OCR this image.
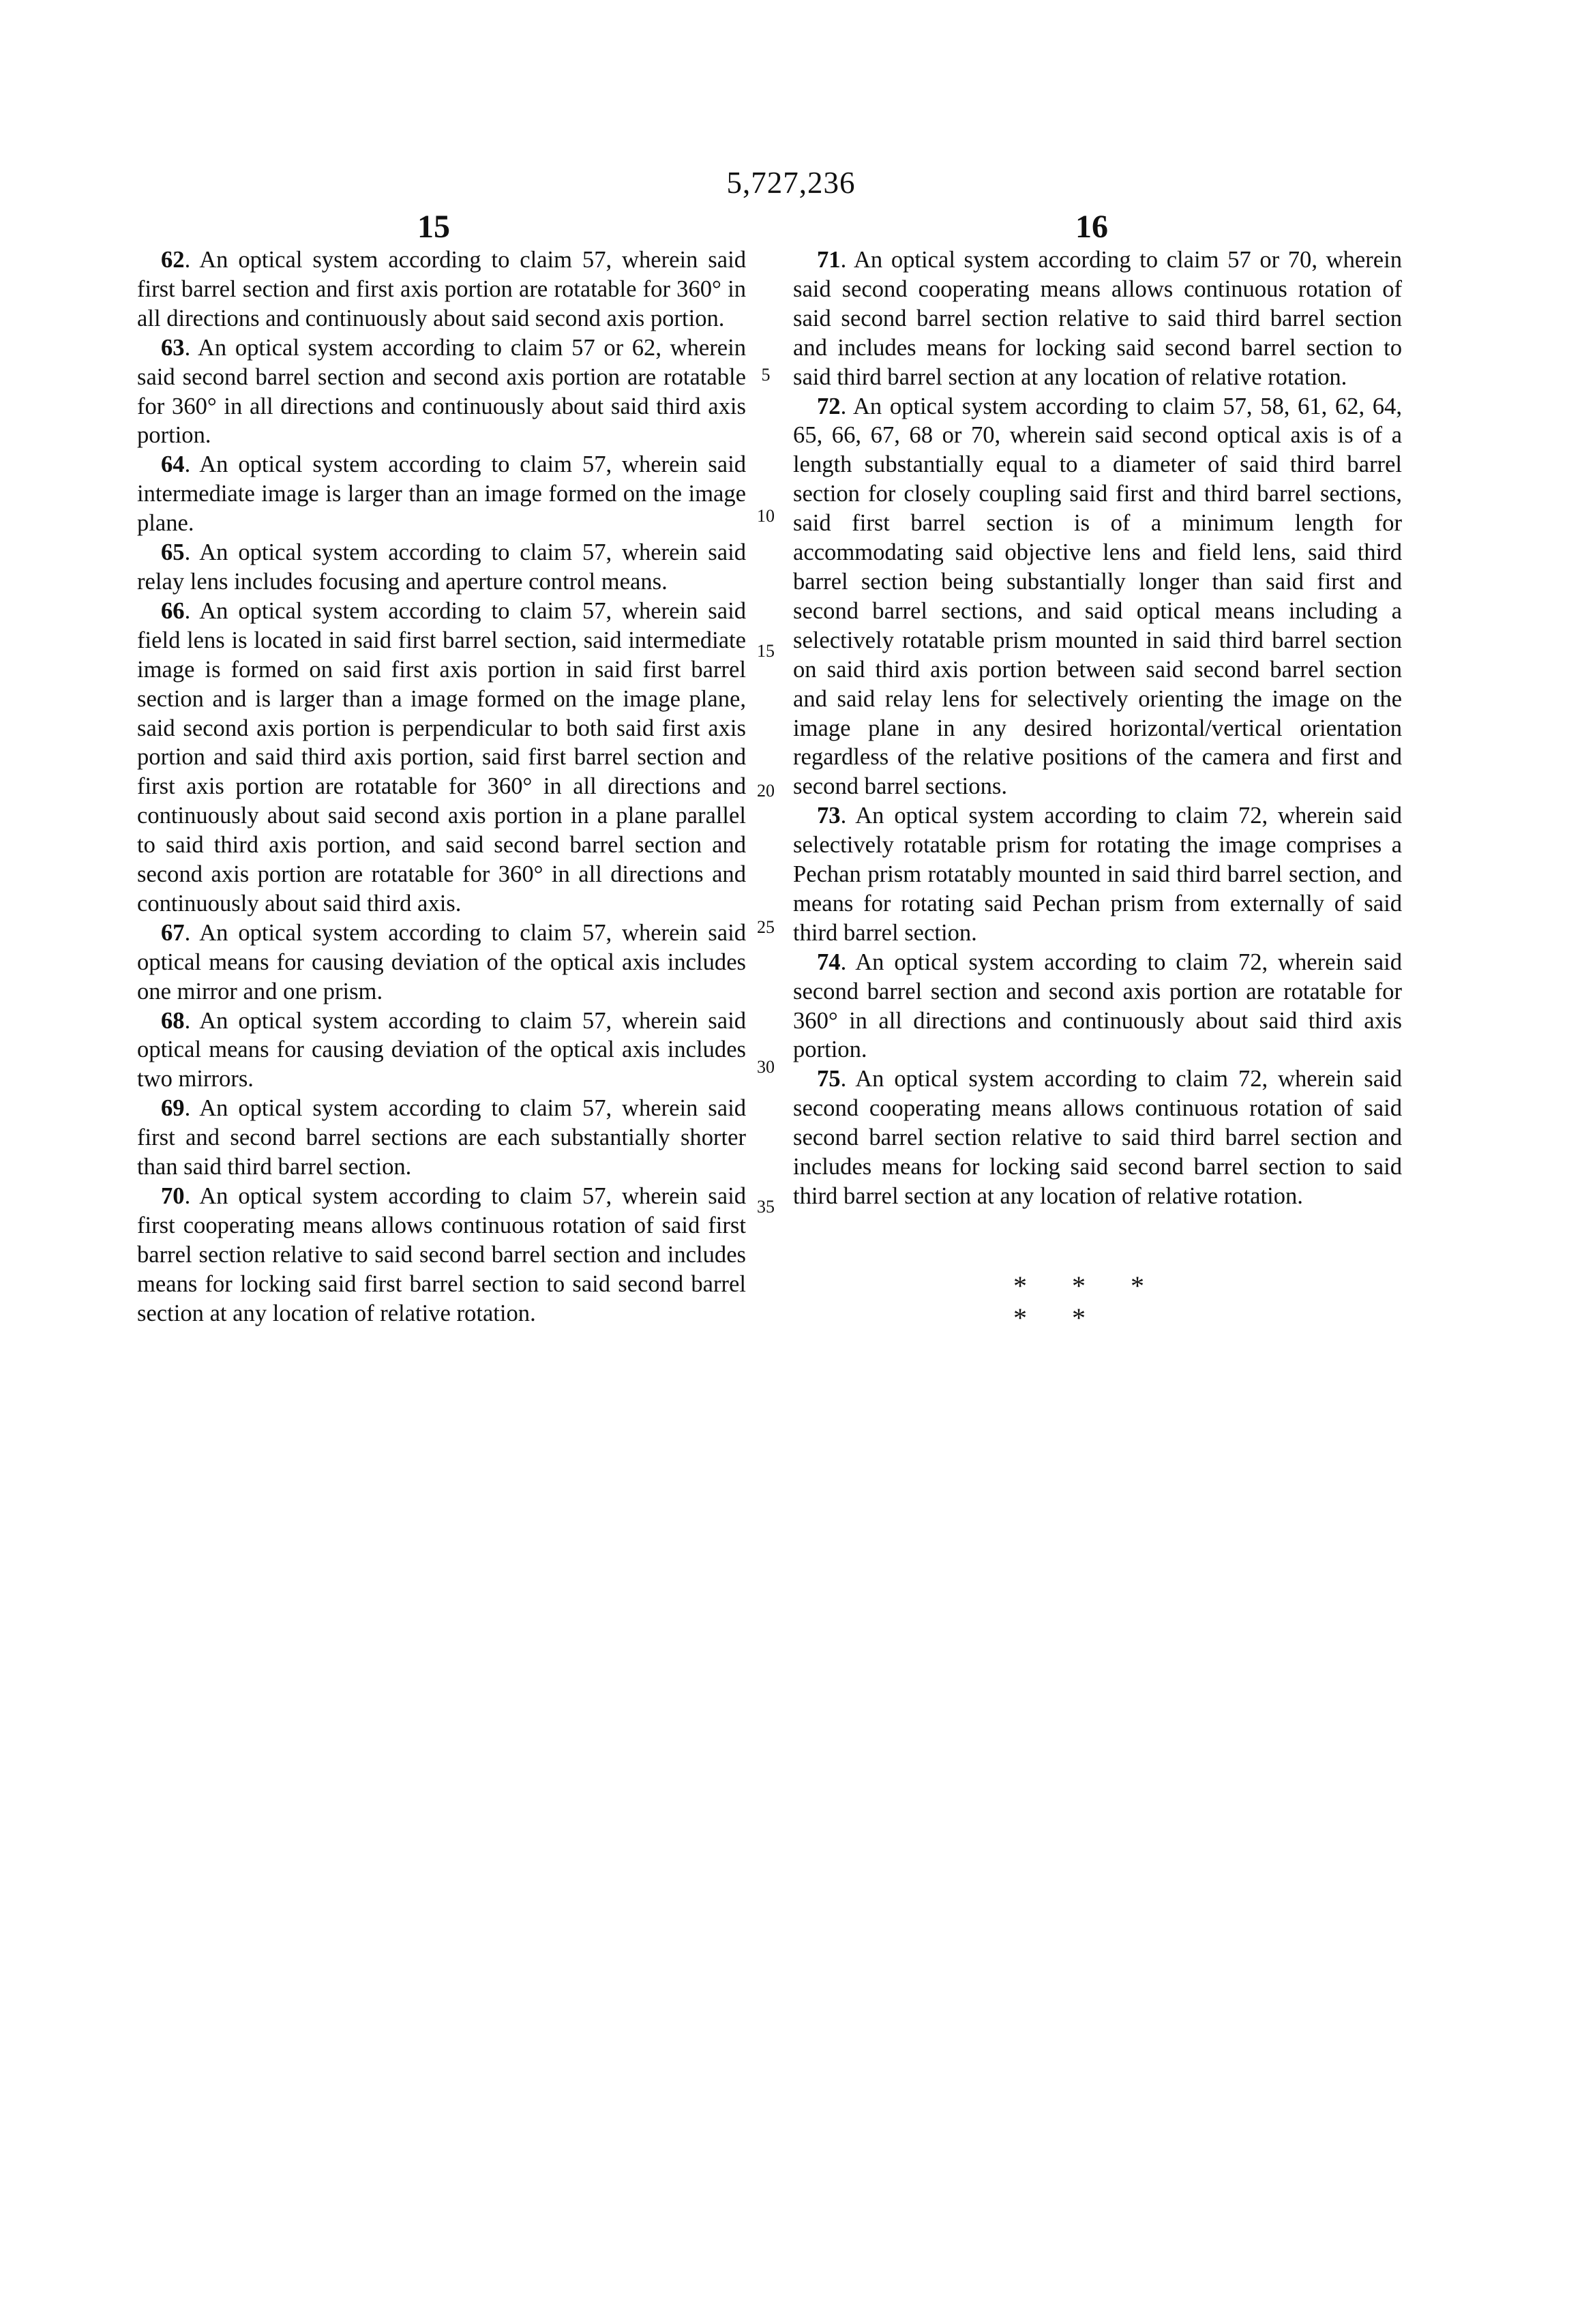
5,727,236
15	16

62. An optical system according to claim 57, wherein said first barrel section and first axis portion are rotatable for 360° in all directions and continuously about said second axis portion.

63. An optical system according to claim 57 or 62, wherein said second barrel section and second axis portion are rotatable for 360° in all directions and continuously about said third axis portion.

64. An optical system according to claim 57, wherein said intermediate image is larger than an image formed on the image plane.

65. An optical system according to claim 57, wherein said relay lens includes focusing and aperture control means.

66. An optical system according to claim 57, wherein said field lens is located in said first barrel section, said intermediate image is formed on said first axis portion in said first barrel section and is larger than a image formed on the image plane, said second axis portion is perpendicular to both said first axis portion and said third axis portion, said first barrel section and first axis portion are rotatable for 360° in all directions and continuously about said second axis portion in a plane parallel to said third axis portion, and said second barrel section and second axis portion are rotatable for 360° in all directions and continuously about said third axis.

67. An optical system according to claim 57, wherein said optical means for causing deviation of the optical axis includes one mirror and one prism.

68. An optical system according to claim 57, wherein said optical means for causing deviation of the optical axis includes two mirrors.

69. An optical system according to claim 57, wherein said first and second barrel sections are each substantially shorter than said third barrel section.

70. An optical system according to claim 57, wherein said first cooperating means allows continuous rotation of said first barrel section relative to said second barrel section and includes means for locking said first barrel section to said second barrel section at any location of relative rotation.

71. An optical system according to claim 57 or 70, wherein said second cooperating means allows continuous rotation of said second barrel section relative to said third barrel section and includes means for locking said second barrel section to said third barrel section at any location of relative rotation.

72. An optical system according to claim 57, 58, 61, 62, 64, 65, 66, 67, 68 or 70, wherein said second optical axis is of a length substantially equal to a diameter of said third barrel section for closely coupling said first and third barrel sections, said first barrel section is of a minimum length for accommodating said objective lens and field lens, said third barrel section being substantially longer than said first and second barrel sections, and said optical means including a selectively rotatable prism mounted in said third barrel section on said third axis portion between said second barrel section and said relay lens for selectively orienting the image on the image plane in any desired horizontal/vertical orientation regardless of the relative positions of the camera and first and second barrel sections.

73. An optical system according to claim 72, wherein said selectively rotatable prism for rotating the image comprises a Pechan prism rotatably mounted in said third barrel section, and means for rotating said Pechan prism from externally of said third barrel section.

74. An optical system according to claim 72, wherein said second barrel section and second axis portion are rotatable for 360° in all directions and continuously about said third axis portion.

75. An optical system according to claim 72, wherein said second cooperating means allows continuous rotation of said second barrel section relative to said third barrel section and includes means for locking said second barrel section to said third barrel section at any location of relative rotation.

5
10
15
20
25
30
35
* * * * *
